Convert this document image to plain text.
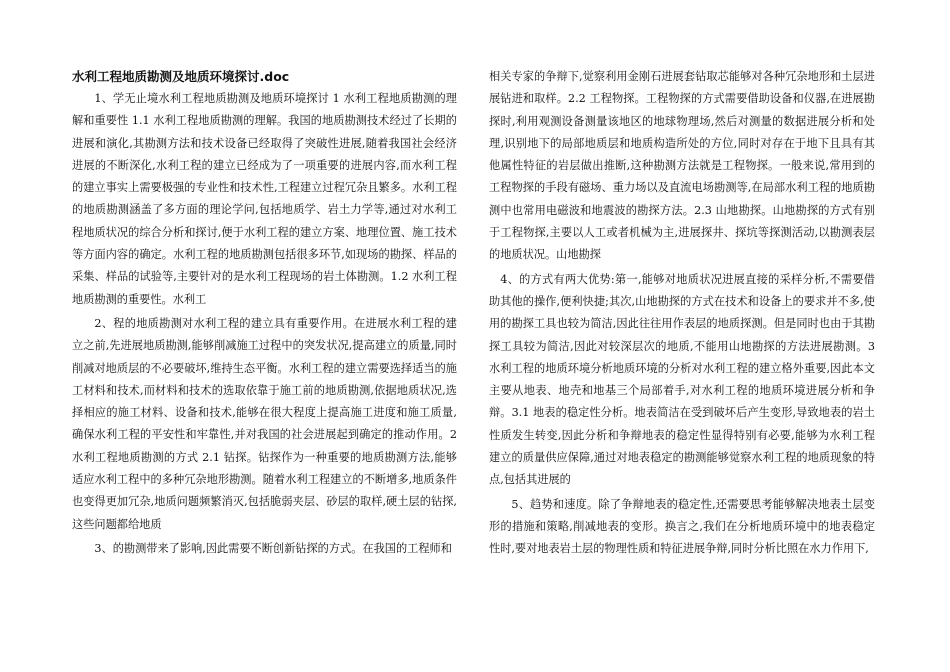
水利工程地质勘测及地质环境探讨.doc

1、学无止境水利工程地质勘测及地质环境探讨 1 水利工程地质勘测的理解和重要性 1.1 水利工程地质勘测的理解。我国的地质勘测技术经过了长期的进展和演化,其勘测方法和技术设备已经取得了突破性进展,随着我国社会经济进展的不断深化,水利工程的建立已经成为了一项重要的进展内容,而水利工程的建立事实上需要极强的专业性和技术性,工程建立过程冗杂且繁多。水利工程的地质勘测涵盖了多方面的理论学问,包括地质学、岩土力学等,通过对水利工程地质状况的综合分析和探讨,便于水利工程的建立方案、地理位置、施工技术等方面内容的确定。水利工程的地质勘测包括很多环节,如现场的勘探、样品的采集、样品的试验等,主要针对的是水利工程现场的岩土体勘测。1.2 水利工程地质勘测的重要性。水利工

2、程的地质勘测对水利工程的建立具有重要作用。在进展水利工程的建立之前,先进展地质勘测,能够削减施工过程中的突发状况,提高建立的质量,同时削减对地质层的不必要破坏,维持生态平衡。水利工程的建立需要选择适当的施工材料和技术,而材料和技术的选取依靠于施工前的地质勘测,依据地质状况,选择相应的施工材料、设备和技术,能够在很大程度上提高施工进度和施工质量,确保水利工程的平安性和牢靠性,并对我国的社会进展起到确定的推动作用。2 水利工程地质勘测的方式 2.1 钻探。钻探作为一种重要的地质勘测方法,能够适应水利工程中的多种冗杂地形勘测。随着水利工程建立的不断增多,地质条件也变得更加冗杂,地质问题频繁消灭,包括脆弱夹层、砂层的取样,硬土层的钻探,这些问题都给地质

3、的勘测带来了影响,因此需要不断创新钻探的方式。在我国的工程师和

相关专家的争辩下,觉察利用金刚石进展套钻取芯能够对各种冗杂地形和土层进展钻进和取样。2.2 工程物探。工程物探的方式需要借助设备和仪器,在进展勘探时,利用观测设备测量该地区的地球物理场,然后对测量的数据进展分析和处理,识别地下的局部地质层和地质构造所处的方位,同时对存在于地下且具有其他属性特征的岩层做出推断,这种勘测方法就是工程物探。一般来说,常用到的工程物探的手段有磁场、重力场以及直流电场勘测等,在局部水利工程的地质勘测中也常用电磁波和地震波的勘探方法。2.3 山地勘探。山地勘探的方式有别于工程物探,主要以人工或者机械为主,进展探井、探坑等探测活动,以勘测表层的地质状况。山地勘探

4、的方式有两大优势:第一,能够对地质状况进展直接的采样分析,不需要借助其他的操作,便利快捷;其次,山地勘探的方式在技术和设备上的要求并不多,使用的勘探工具也较为简洁,因此往往用作表层的地质探测。但是同时也由于其勘探工具较为简洁,因此对较深层次的地质,不能用山地勘探的方法进展勘测。3 水利工程的地质环境分析地质环境的分析对水利工程的建立格外重要,因此本文主要从地表、地壳和地基三个局部着手,对水利工程的地质环境进展分析和争辩。3.1 地表的稳定性分析。地表简洁在受到破坏后产生变形,导致地表的岩土性质发生转变,因此分析和争辩地表的稳定性显得特别有必要,能够为水利工程建立的质量供应保障,通过对地表稳定的勘测能够觉察水利工程的地质现象的特点,包括其进展的

5、趋势和速度。除了争辩地表的稳定性,还需要思考能够解决地表土层变形的措施和策略,削减地表的变形。换言之,我们在分析地质环境中的地表稳定性时,要对地表岩土层的物理性质和特征进展争辩,同时分析比照在水力作用下,
